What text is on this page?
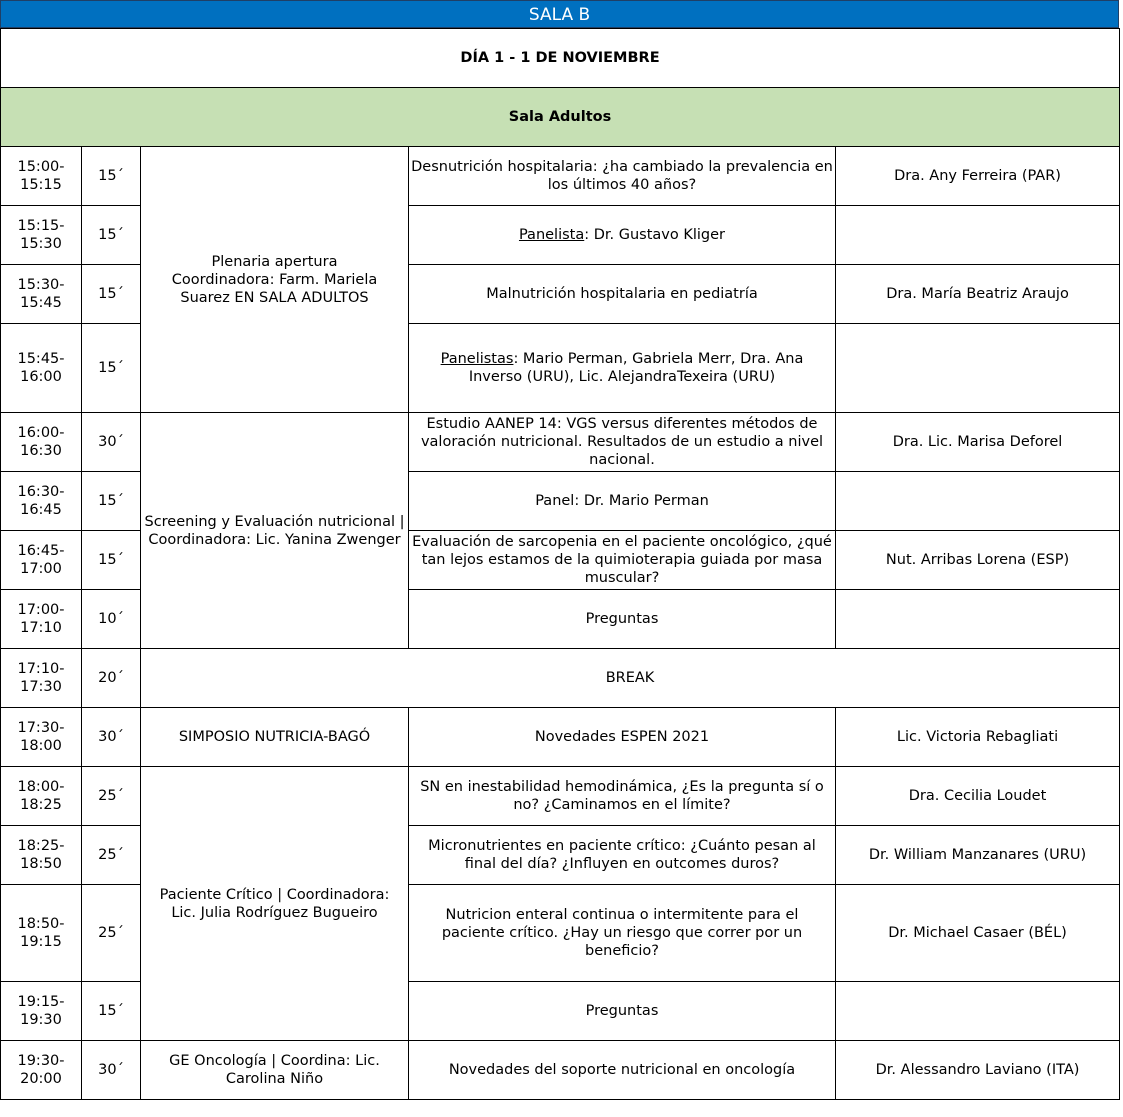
SALA B
DÍA 1 - 1 DE NOVIEMBRE				
Sala Adultos				
15:00-15:15	15´	Plenaria apertura Coordinadora: Farm. Mariela Suarez EN SALA ADULTOS	Desnutrición hospitalaria: ¿ha cambiado la prevalencia en los últimos 40 años?	Dra. Any Ferreira (PAR)
15:15-15:30	15´		Panelista: Dr. Gustavo Kliger	
15:30-15:45	15´		Malnutrición hospitalaria en pediatría	Dra. María Beatriz Araujo
15:45-16:00	15´		Panelistas: Mario Perman, Gabriela Merr, Dra. Ana Inverso (URU), Lic. AlejandraTexeira (URU)	
16:00-16:30	30´	Screening y Evaluación nutricional | Coordinadora: Lic. Yanina Zwenger	Estudio AANEP 14: VGS versus diferentes métodos de valoración nutricional. Resultados de un estudio a nivel nacional.	Dra. Lic. Marisa Deforel
16:30-16:45	15´		Panel: Dr. Mario Perman	
16:45-17:00	15´		Evaluación de sarcopenia en el paciente oncológico, ¿qué tan lejos estamos de la quimioterapia guiada por masa muscular?	Nut. Arribas Lorena (ESP)
17:00-17:10	10´		Preguntas	
17:10-17:30	20´	BREAK		
17:30-18:00	30´	SIMPOSIO NUTRICIA-BAGÓ	Novedades ESPEN 2021	Lic. Victoria Rebagliati
18:00-18:25	25´	Paciente Crítico | Coordinadora: Lic. Julia Rodríguez Bugueiro	SN en inestabilidad hemodinámica, ¿Es la pregunta sí o no? ¿Caminamos en el límite?	Dra. Cecilia Loudet
18:25-18:50	25´		Micronutrientes en paciente crítico: ¿Cuánto pesan al final del día? ¿Influyen en outcomes duros?	Dr. William Manzanares (URU)
18:50-19:15	25´		Nutricion enteral continua o intermitente para el paciente crítico. ¿Hay un riesgo que correr por un beneficio?	Dr. Michael Casaer (BÉL)
19:15-19:30	15´		Preguntas	
19:30-20:00	30´	GE Oncología | Coordina: Lic. Carolina Niño	Novedades del soporte nutricional en oncología	Dr. Alessandro Laviano (ITA)
